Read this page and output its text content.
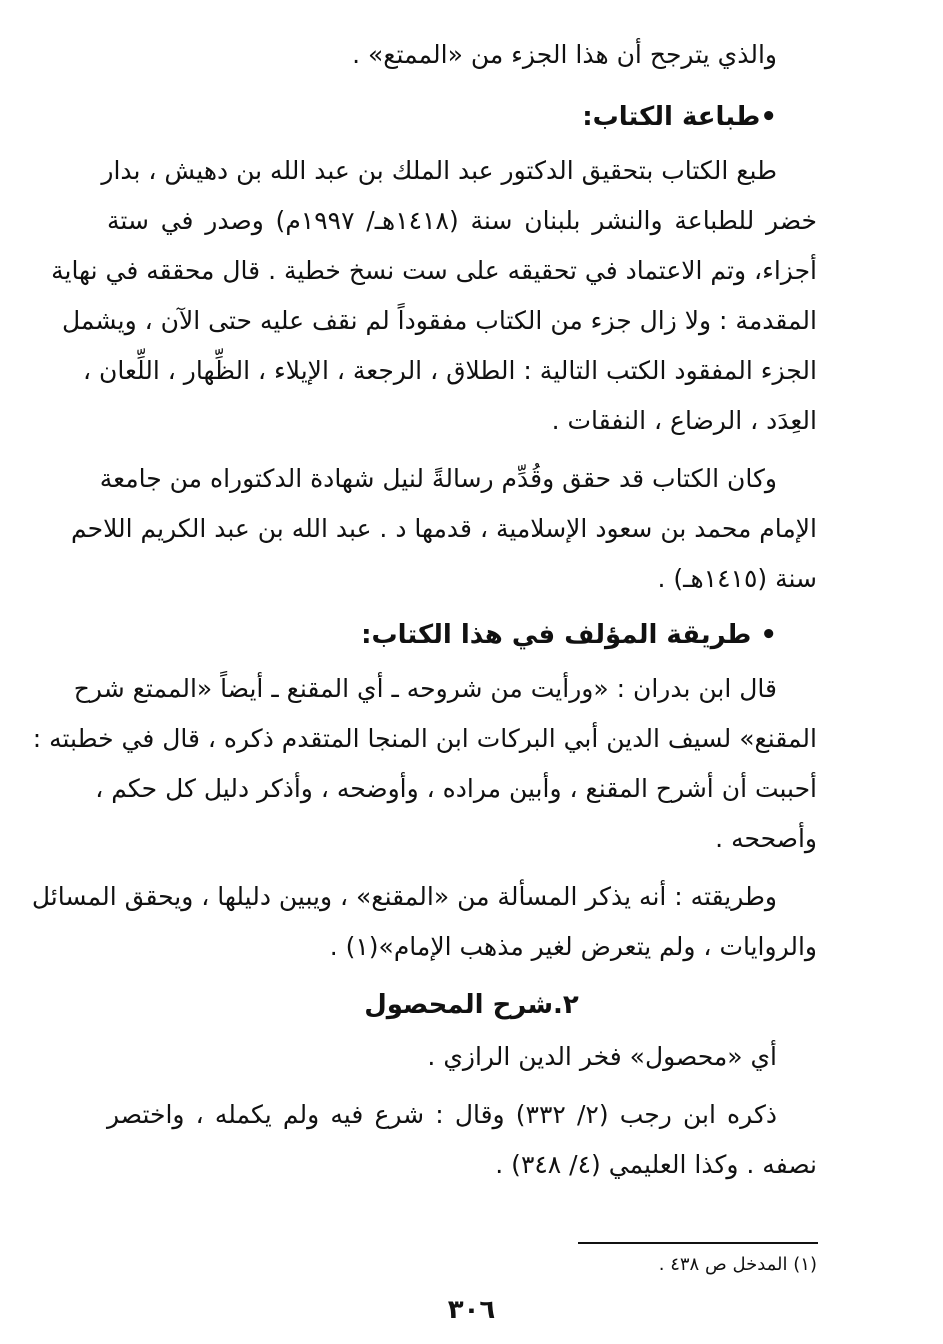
والذي يترجح أن هذا الجزء من «الممتع» .
•طباعة الكتاب:
طبع الكتاب بتحقيق الدكتور عبد الملك بن عبد الله بن دهيش ، بدار
خضر للطباعة والنشر بلبنان سنة (١٤١٨هـ/ ١٩٩٧م) وصدر في ستة
أجزاء، وتم الاعتماد في تحقيقه على ست نسخ خطية . قال محققه في نهاية
المقدمة : ولا زال جزء من الكتاب مفقوداً لم نقف عليه حتى الآن ، ويشمل
الجزء المفقود الكتب التالية : الطلاق ، الرجعة ، الإيلاء ، الظِّهار ، اللِّعان ،
العِدَد ، الرضاع ، النفقات .
وكان الكتاب قد حقق وقُدِّم رسالةً لنيل شهادة الدكتوراه من جامعة
الإمام محمد بن سعود الإسلامية ، قدمها د . عبد الله بن عبد الكريم اللاحم
سنة (١٤١٥هـ) .
• طريقة المؤلف في هذا الكتاب:
قال ابن بدران : «ورأيت من شروحه ـ أي المقنع ـ أيضاً «الممتع شرح
المقنع» لسيف الدين أبي البركات ابن المنجا المتقدم ذكره ، قال في خطبته :
أحببت أن أشرح المقنع ، وأبين مراده ، وأوضحه ، وأذكر دليل كل حكم ،
وأصححه .
وطريقته : أنه يذكر المسألة من «المقنع» ، ويبين دليلها ، ويحقق المسائل
والروايات ، ولم يتعرض لغير مذهب الإمام»(١) .
٢.شرح المحصول
أي «محصول» فخر الدين الرازي .
ذكره ابن رجب (٢/ ٣٣٢) وقال : شرع فيه ولم يكمله ، واختصر
نصفه . وكذا العليمي (٤/ ٣٤٨) .
(١) المدخل ص ٤٣٨ .
٣٠٦
